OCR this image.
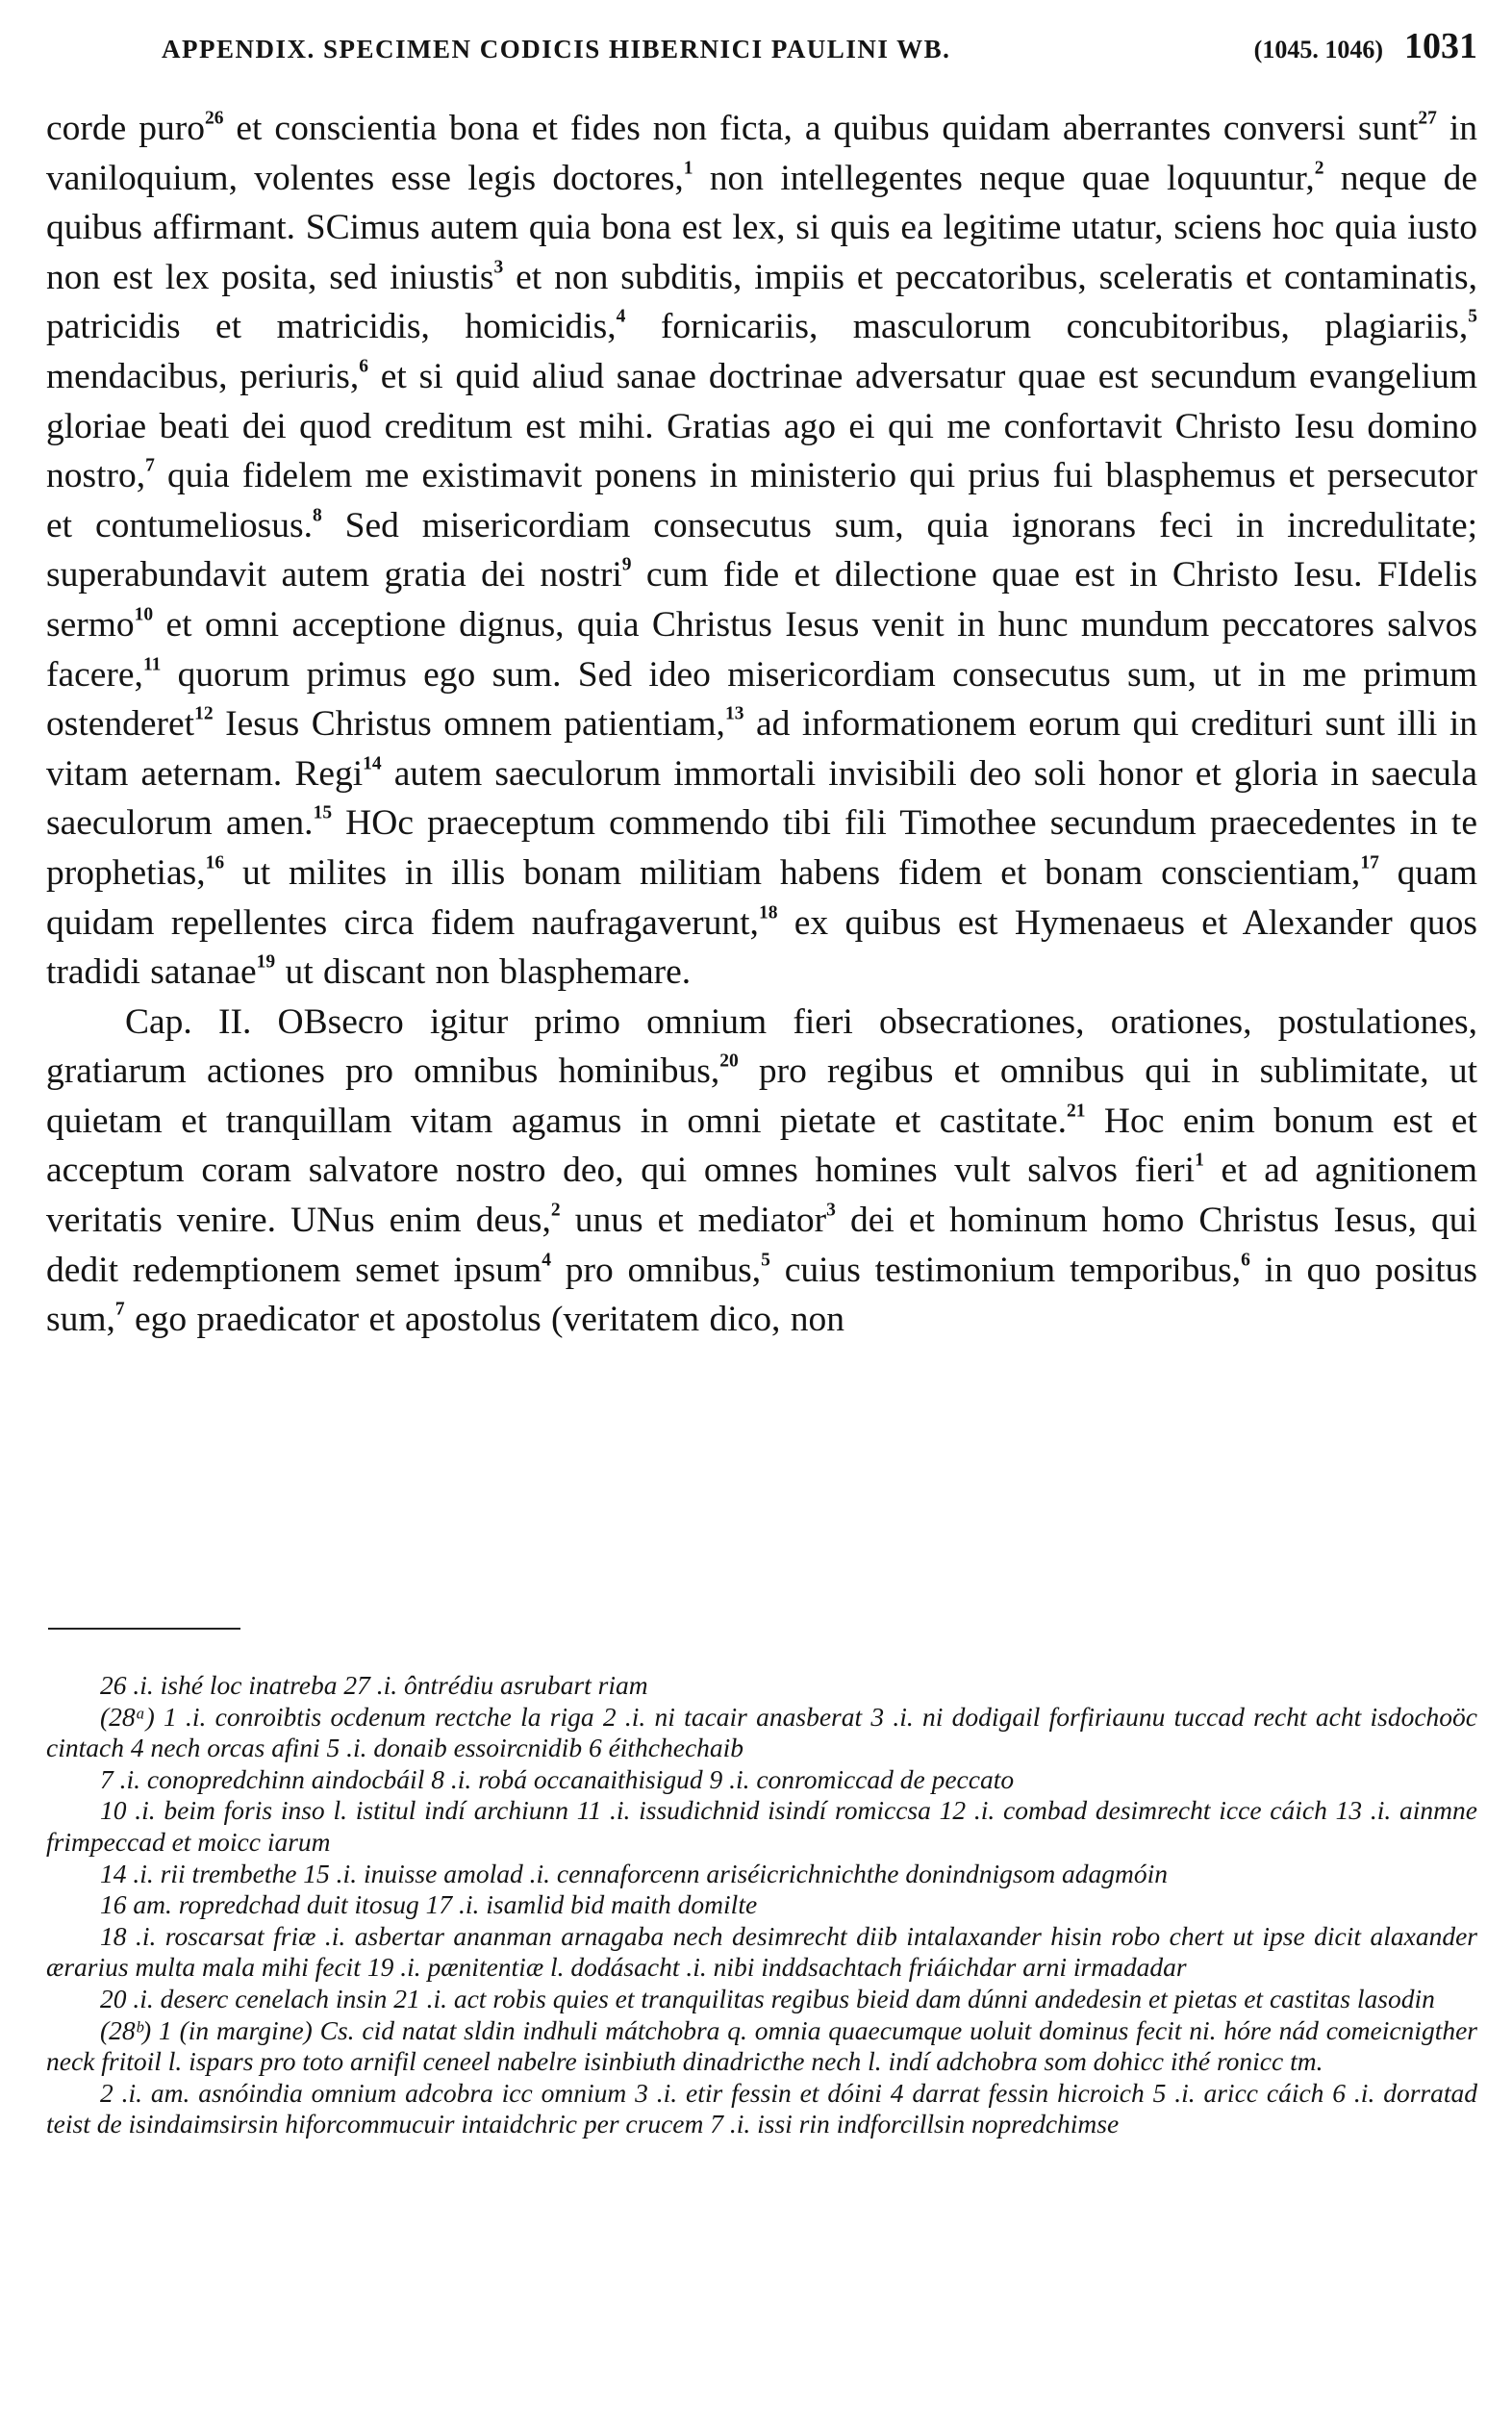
APPENDIX. SPECIMEN CODICIS HIBERNICI PAULINI WB.	(1045. 1046) 1031

corde puro$^{26}$ et conscientia bona et fides non ficta, a quibus quidam aberrantes conversi sunt$^{27}$ in vaniloquium, volentes esse legis doctores,$^1$ non intellegentes neque quae loquuntur,$^2$ neque de quibus affirmant. SCimus autem quia bona est lex, si quis ea legitime utatur, sciens hoc quia iusto non est lex posita, sed iniustis$^3$ et non subditis, impiis et peccatoribus, sceleratis et contaminatis, patricidis et matricidis, homicidis,$^4$ fornicariis, masculorum concubitoribus, plagiariis,$^5$ mendacibus, periuris,$^6$ et si quid aliud sanae doctrinae adversatur quae est secundum evangelium gloriae beati dei quod creditum est mihi. Gratias ago ei qui me confortavit Christo Iesu domino nostro,$^7$ quia fidelem me existimavit ponens in ministerio qui prius fui blasphemus et persecutor et contumeliosus.$^8$ Sed misericordiam consecutus sum, quia ignorans feci in incredulitate; superabundavit autem gratia dei nostri$^9$ cum fide et dilectione quae est in Christo Iesu. FIdelis sermo$^{10}$ et omni acceptione dignus, quia Christus Iesus venit in hunc mundum peccatores salvos facere,$^{11}$ quorum primus ego sum. Sed ideo misericordiam consecutus sum, ut in me primum ostenderet$^{12}$ Iesus Christus omnem patientiam,$^{13}$ ad informationem eorum qui credituri sunt illi in vitam aeternam. Regi$^{14}$ autem saeculorum immortali invisibili deo soli honor et gloria in saecula saeculorum amen.$^{15}$ HOc praeceptum commendo tibi fili Timothee secundum praecedentes in te prophetias,$^{16}$ ut milites in illis bonam militiam habens fidem et bonam conscientiam,$^{17}$ quam quidam repellentes circa fidem naufragaverunt,$^{18}$ ex quibus est Hymenaeus et Alexander quos tradidi satanae$^{19}$ ut discant non blasphemare.

Cap. II. OBsecro igitur primo omnium fieri obsecrationes, orationes, postulationes, gratiarum actiones pro omnibus hominibus,$^{20}$ pro regibus et omnibus qui in sublimitate, ut quietam et tranquillam vitam agamus in omni pietate et castitate.$^{21}$ Hoc enim bonum est et acceptum coram salvatore nostro deo, qui omnes homines vult salvos fieri$^1$ et ad agnitionem veritatis venire. UNus enim deus,$^2$ unus et mediator$^3$ dei et hominum homo Christus Iesus, qui dedit redemptionem semet ipsum$^4$ pro omnibus,$^5$ cuius testimonium temporibus,$^6$ in quo positus sum,$^7$ ego praedicator et apostolus (veritatem dico, non

26 .i. ishé loc inatreba 27 .i. ôntrédiu asrubart riam

(28ᵃ) 1 .i. conroibtis ocdenum rectche la riga 2 .i. ni tacair anasberat 3 .i. ni dodigail forfiriaunu tuccad recht acht isdochoöc cintach 4 nech orcas afini 5 .i. donaib essoircnidib 6 éithchechaib

7 .i. conopredchinn aindocbáil 8 .i. robá occanaithisigud 9 .i. conromiccad de peccato

10 .i. beim foris inso l. istitul indí archiunn 11 .i. issudichnid isindí romiccsa 12 .i. combad desimrecht icce cáich 13 .i. ainmne frimpeccad et moicc iarum

14 .i. rii trembethe 15 .i. inuisse amolad .i. cennaforcenn ariséicrichnichthe donindnigsom adagmóin

16 am. ropredchad duit itosug 17 .i. isamlid bid maith domilte

18 .i. roscarsat friæ .i. asbertar ananman arnagaba nech desimrecht diib intalaxander hisin robo chert ut ipse dicit alaxander ærarius multa mala mihi fecit 19 .i. pænitentiæ l. dodásacht .i. nibi inddsachtach friáichdar arni irmadadar

20 .i. deserc cenelach insin 21 .i. act robis quies et tranquilitas regibus bieid dam dúnni andedesin et pietas et castitas lasodin

(28ᵇ) 1 (in margine) Cs. cid natat sldin indhuli mátchobra q. omnia quaecumque uoluit dominus fecit ni. hóre nád comeicnigther neck fritoil l. ispars pro toto arnifil ceneel nabelre isinbiuth dinadricthe nech l. indí adchobra som dohicc ithé ronicc tm.

2 .i. am. asnóindia omnium adcobra icc omnium 3 .i. etir fessin et dóini 4 darrat fessin hicroich 5 .i. aricc cáich 6 .i. dorratad teist de isindaimsirsin hiforcommucuir intaidchric per crucem 7 .i. issi rin indforcillsin nopredchimse
